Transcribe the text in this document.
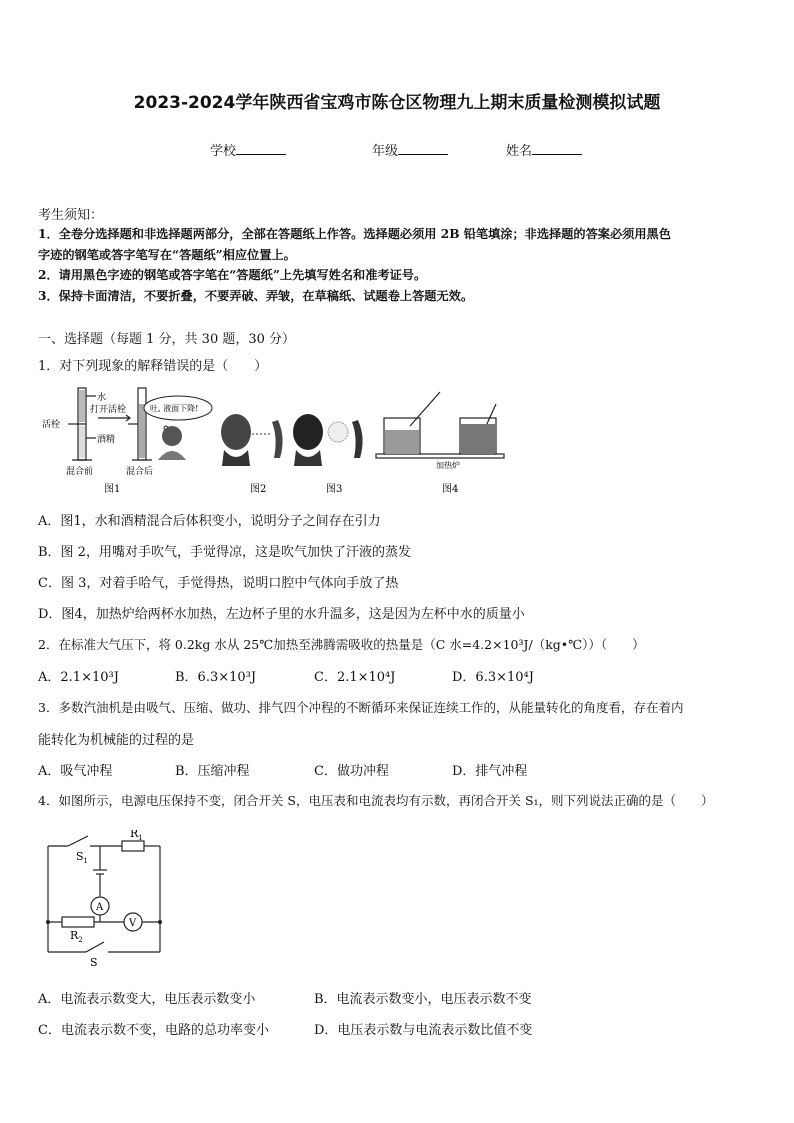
2023-2024学年陕西省宝鸡市陈仓区物理九上期末质量检测模拟试题
学校	年级	姓名
考生须知：
1．全卷分选择题和非选择题两部分，全部在答题纸上作答。选择题必须用 2B 铅笔填涂；非选择题的答案必须用黑色
字迹的钢笔或答字笔写在“答题纸”相应位置上。
2．请用黑色字迹的钢笔或答字笔在“答题纸”上先填写姓名和准考证号。
3．保持卡面清洁，不要折叠，不要弄破、弄皱，在草稿纸、试题卷上答题无效。
一、选择题（每题 1 分，共 30 题，30 分）
1．对下列现象的解释错误的是（　　）
水
活栓
打开活栓
酒精
混合前	混合后
图1
吐, 液面下降!
图2	图3
加热炉
图4
A．图1，水和酒精混合后体积变小，说明分子之间存在引力
B．图 2，用嘴对手吹气，手觉得凉，这是吹气加快了汗液的蒸发
C．图 3，对着手哈气，手觉得热，说明口腔中气体向手放了热
D．图4，加热炉给两杯水加热，左边杯子里的水升温多，这是因为左杯中水的质量小
2．在标准大气压下，将 0.2kg 水从 25℃加热至沸腾需吸收的热量是（C 水=4.2×10³J/（kg•℃））（　　）
A．2.1×10³J	B．6.3×10³J	C．2.1×10⁴J	D．6.3×10⁴J
3．多数汽油机是由吸气、压缩、做功、排气四个冲程的不断循环来保证连续工作的，从能量转化的角度看，存在着内
能转化为机械能的过程的是
A．吸气冲程	B．压缩冲程	C．做功冲程	D．排气冲程
4．如图所示，电源电压保持不变，闭合开关 S，电压表和电流表均有示数，再闭合开关 S₁，则下列说法正确的是（　　）
$S_1$
$R_1$
A
V
$R_2$
S
A．电流表示数变大，电压表示数变小	B．电流表示数变小，电压表示数不变
C．电流表示数不变，电路的总功率变小	D．电压表示数与电流表示数比值不变
